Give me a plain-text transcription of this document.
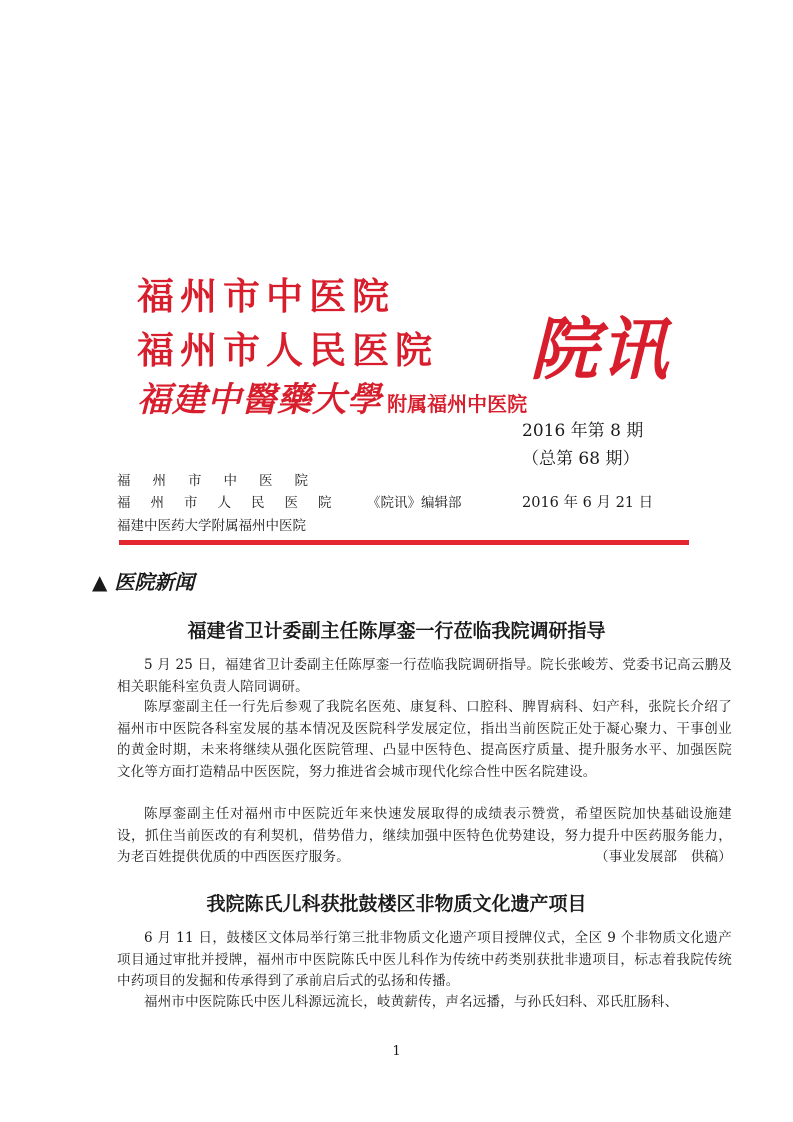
福州市中医院
福州市人民医院
福建中醫藥大學 附属福州中医院
院讯
2016 年第 8 期
（总第 68 期）
福州市中医院
福州市人民医院 《院讯》编辑部	2016 年 6 月 21 日
福建中医药大学附属福州中医院
▲ 医院新闻
福建省卫计委副主任陈厚銮一行莅临我院调研指导
5 月 25 日，福建省卫计委副主任陈厚銮一行莅临我院调研指导。院长张峻芳、党委书记高云鹏及相关职能科室负责人陪同调研。
陈厚銮副主任一行先后参观了我院名医苑、康复科、口腔科、脾胃病科、妇产科，张院长介绍了福州市中医院各科室发展的基本情况及医院科学发展定位，指出当前医院正处于凝心聚力、干事创业的黄金时期，未来将继续从强化医院管理、凸显中医特色、提高医疗质量、提升服务水平、加强医院文化等方面打造精品中医医院，努力推进省会城市现代化综合性中医名院建设。
陈厚銮副主任对福州市中医院近年来快速发展取得的成绩表示赞赏，希望医院加快基础设施建设，抓住当前医改的有利契机，借势借力，继续加强中医特色优势建设，努力提升中医药服务能力，为老百姓提供优质的中西医医疗服务。	（事业发展部　供稿）
我院陈氏儿科获批鼓楼区非物质文化遗产项目
6 月 11 日，鼓楼区文体局举行第三批非物质文化遗产项目授牌仪式，全区 9 个非物质文化遗产项目通过审批并授牌，福州市中医院陈氏中医儿科作为传统中药类别获批非遗项目，标志着我院传统中药项目的发掘和传承得到了承前启后式的弘扬和传播。
福州市中医院陈氏中医儿科源远流长，岐黄薪传，声名远播，与孙氏妇科、邓氏肛肠科、
1
